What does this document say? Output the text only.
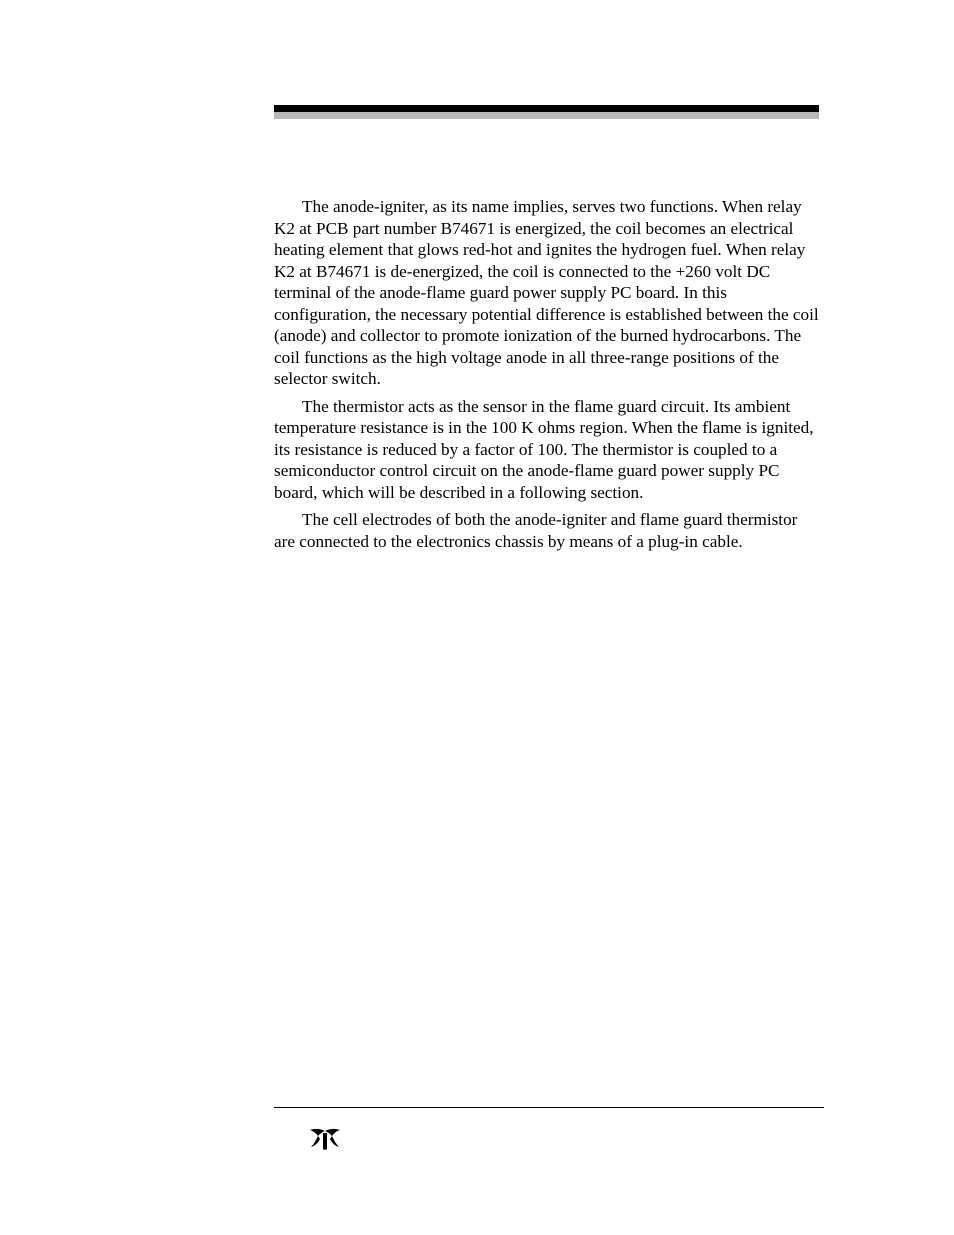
The anode-igniter, as its name implies, serves two functions. When relay K2 at PCB part number B74671 is energized, the coil becomes an electrical heating element that glows red-hot and ignites the hydrogen fuel. When relay K2 at B74671 is de-energized, the coil is connected to the +260 volt DC terminal of the anode-flame guard power supply PC board. In this configuration, the necessary potential difference is established between the coil (anode) and collector to promote ionization of the burned hydrocarbons. The coil functions as the high voltage anode in all three-range positions of the selector switch.

The thermistor acts as the sensor in the flame guard circuit. Its ambient temperature resistance is in the 100 K ohms region. When the flame is ignited, its resistance is reduced by a factor of 100. The thermistor is coupled to a semiconductor control circuit on the anode-flame guard power supply PC board, which will be described in a following section.

The cell electrodes of both the anode-igniter and flame guard thermistor are connected to the electronics chassis by means of a plug-in cable.
